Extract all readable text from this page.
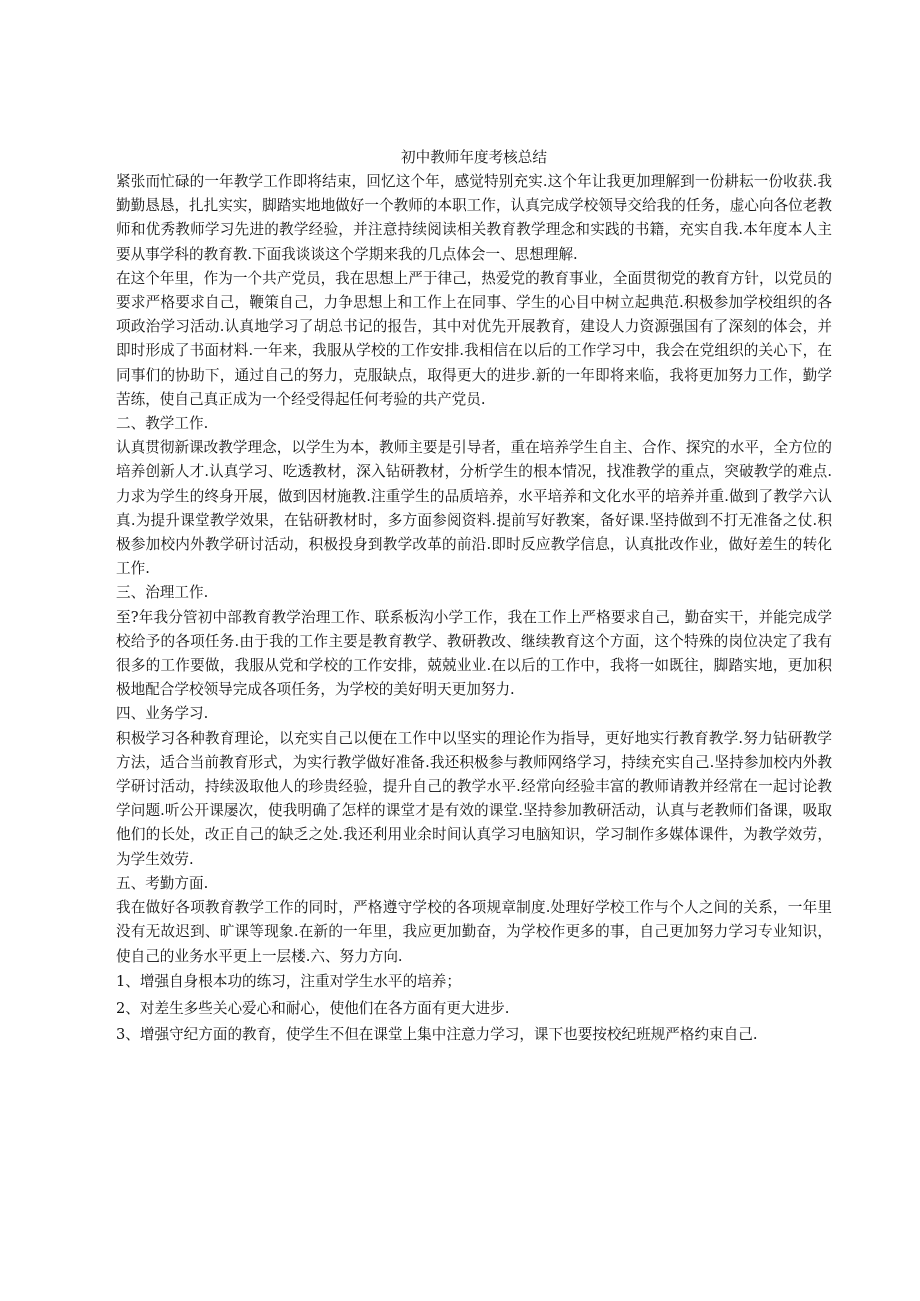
初中教师年度考核总结

紧张而忙碌的一年教学工作即将结束，回忆这个年，感觉特别充实.这个年让我更加理解到一份耕耘一份收获.我勤勤恳恳，扎扎实实，脚踏实地地做好一个教师的本职工作，认真完成学校领导交给我的任务，虚心向各位老教师和优秀教师学习先进的教学经验，并注意持续阅读相关教育教学理念和实践的书籍，充实自我.本年度本人主要从事学科的教育教.下面我谈谈这个学期来我的几点体会一、思想理解.

在这个年里，作为一个共产党员，我在思想上严于律己，热爱党的教育事业，全面贯彻党的教育方针，以党员的要求严格要求自己，鞭策自己，力争思想上和工作上在同事、学生的心目中树立起典范.积极参加学校组织的各项政治学习活动.认真地学习了胡总书记的报告，其中对优先开展教育，建设人力资源强国有了深刻的体会，并即时形成了书面材料.一年来，我服从学校的工作安排.我相信在以后的工作学习中，我会在党组织的关心下，在同事们的协助下，通过自己的努力，克服缺点，取得更大的进步.新的一年即将来临，我将更加努力工作，勤学苦练，使自己真正成为一个经受得起任何考验的共产党员.

二、教学工作.

认真贯彻新课改教学理念，以学生为本，教师主要是引导者，重在培养学生自主、合作、探究的水平，全方位的培养创新人才.认真学习、吃透教材，深入钻研教材，分析学生的根本情况，找准教学的重点，突破教学的难点.力求为学生的终身开展，做到因材施教.注重学生的品质培养，水平培养和文化水平的培养并重.做到了教学六认真.为提升课堂教学效果，在钻研教材时，多方面参阅资料.提前写好教案，备好课.坚持做到不打无准备之仗.积极参加校内外教学研讨活动，积极投身到教学改革的前沿.即时反应教学信息，认真批改作业，做好差生的转化工作.

三、治理工作.

至?年我分管初中部教育教学治理工作、联系板沟小学工作，我在工作上严格要求自己，勤奋实干，并能完成学校给予的各项任务.由于我的工作主要是教育教学、教研教改、继续教育这个方面，这个特殊的岗位决定了我有很多的工作要做，我服从党和学校的工作安排，兢兢业业.在以后的工作中，我将一如既往，脚踏实地，更加积极地配合学校领导完成各项任务，为学校的美好明天更加努力.

四、业务学习.

积极学习各种教育理论，以充实自己以便在工作中以坚实的理论作为指导，更好地实行教育教学.努力钻研教学方法，适合当前教育形式，为实行教学做好准备.我还积极参与教师网络学习，持续充实自己.坚持参加校内外教学研讨活动，持续汲取他人的珍贵经验，提升自己的教学水平.经常向经验丰富的教师请教并经常在一起讨论教学问题.听公开课屡次，使我明确了怎样的课堂才是有效的课堂.坚持参加教研活动，认真与老教师们备课，吸取他们的长处，改正自己的缺乏之处.我还利用业余时间认真学习电脑知识，学习制作多媒体课件，为教学效劳，为学生效劳.

五、考勤方面.

我在做好各项教育教学工作的同时，严格遵守学校的各项规章制度.处理好学校工作与个人之间的关系，一年里没有无故迟到、旷课等现象.在新的一年里，我应更加勤奋，为学校作更多的事，自己更加努力学习专业知识，使自己的业务水平更上一层楼.六、努力方向.

1、增强自身根本功的练习，注重对学生水平的培养；

2、对差生多些关心爱心和耐心，使他们在各方面有更大进步.

3、增强守纪方面的教育，使学生不但在课堂上集中注意力学习，课下也要按校纪班规严格约束自己.
